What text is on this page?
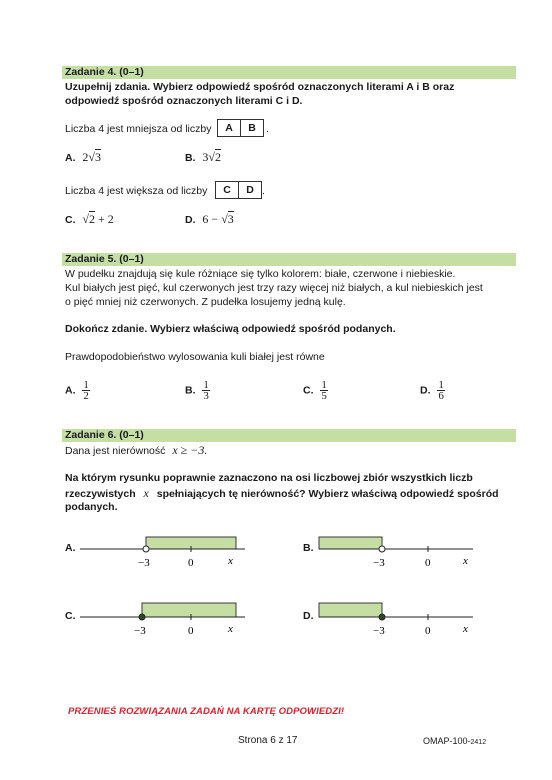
Zadanie 4. (0–1)
Uzupełnij zdania. Wybierz odpowiedź spośród oznaczonych literami A i B oraz
odpowiedź spośród oznaczonych literami C i D.
Liczba 4 jest mniejsza od liczby	A	B .
A. 2√3	B. 3√2
Liczba 4 jest większa od liczby	C	D .
C. √2 + 2	D. 6 − √3
Zadanie 5. (0–1)
W pudełku znajdują się kule różniące się tylko kolorem: białe, czerwone i niebieskie.
Kul białych jest pięć, kul czerwonych jest trzy razy więcej niż białych, a kul niebieskich jest
o pięć mniej niż czerwonych. Z pudełka losujemy jedną kulę.
Dokończ zdanie. Wybierz właściwą odpowiedź spośród podanych.
Prawdopodobieństwo wylosowania kuli białej jest równe
A. $\frac{1}{2}$	B. $\frac{1}{3}$	C. $\frac{1}{5}$	D. $\frac{1}{6}$
Zadanie 6. (0–1)
Dana jest nierówność x ≥ −3.
Na którym rysunku poprawnie zaznaczono na osi liczbowej zbiór wszystkich liczb
rzeczywistych x spełniających tę nierówność? Wybierz właściwą odpowiedź spośród
podanych.
A.
−3	0	x
B.
−3	0	x
C.
−3	0	x
D.
−3	0	x
PRZENIEŚ ROZWIĄZANIA ZADAŃ NA KARTĘ ODPOWIEDZI!
Strona 6 z 17	OMAP-100-2412
